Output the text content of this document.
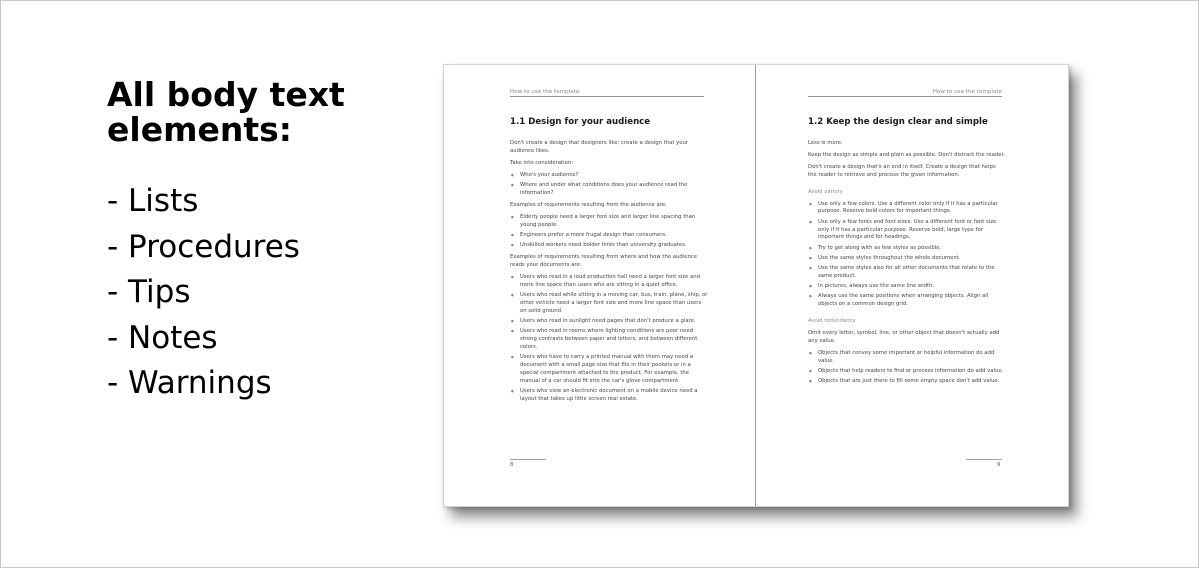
All body text elements:
- Lists
- Procedures
- Tips
- Notes
- Warnings
How to use the template
1.1 Design for your audience

Don't create a design that designers like; create a design that your audience likes.

Take into consideration:

● Who's your audience?
● Where and under what conditions does your audience read the information?

Examples of requirements resulting from the audience are:

● Elderly people need a larger font size and larger line spacing than young people.
● Engineers prefer a more frugal design than consumers.
● Unskilled workers need bolder hints than university graduates.

Examples of requirements resulting from where and how the audience reads your documents are:

● Users who read in a loud production hall need a larger font size and more line space than users who are sitting in a quiet office.
● Users who read while sitting in a moving car, bus, train, plane, ship, or other vehicle need a larger font size and more line space than users on solid ground.
● Users who read in sunlight need pages that don't produce a glare.
● Users who read in rooms where lighting conditions are poor need strong contrasts between paper and letters, and between different colors.
● Users who have to carry a printed manual with them may need a document with a small page size that fits in their pockets or in a special compartment attached to the product. For example, the manual of a car should fit into the car's glove compartment.
● Users who view an electronic document on a mobile device need a layout that takes up little screen real estate.
8
How to use the template
1.2 Keep the design clear and simple

Less is more.

Keep the design as simple and plain as possible. Don't distract the reader.

Don't create a design that's an end in itself. Create a design that helps the reader to retrieve and process the given information.

Avoid variety

● Use only a few colors. Use a different color only if it has a particular purpose. Reserve bold colors for important things.
● Use only a few fonts and font sizes. Use a different font or font size only if it has a particular purpose. Reserve bold, large type for important things and for headings.
● Try to get along with as few styles as possible.
● Use the same styles throughout the whole document.
● Use the same styles also for all other documents that relate to the same product.
● In pictures, always use the same line width.
● Always use the same positions when arranging objects. Align all objects on a common design grid.

Avoid redundancy

Omit every letter, symbol, line, or other object that doesn't actually add any value.

● Objects that convey some important or helpful information do add value.
● Objects that help readers to find or process information do add value.
● Objects that are just there to fill some empty space don't add value.
9
